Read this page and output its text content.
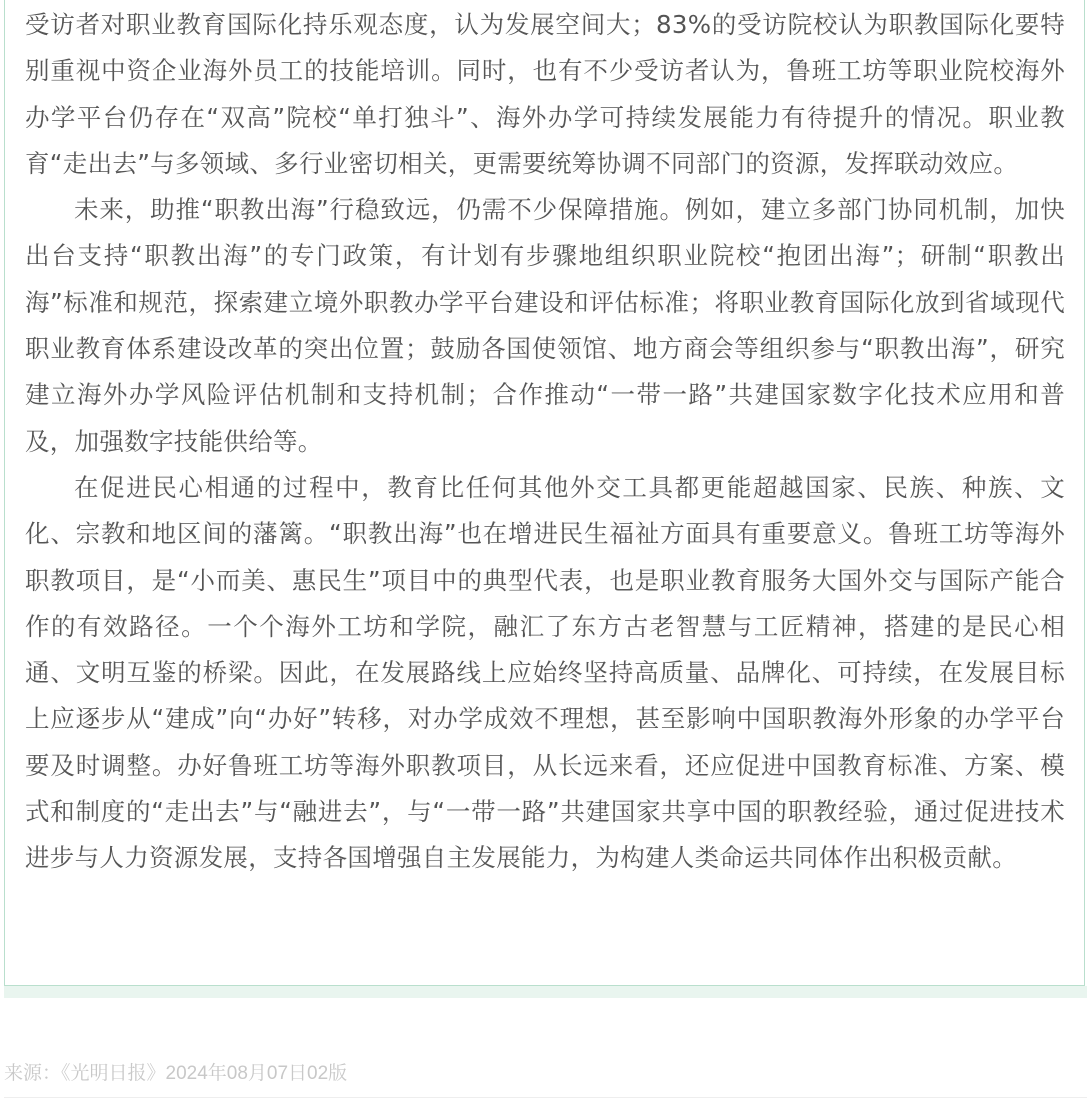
受访者对职业教育国际化持乐观态度，认为发展空间大；83%的受访院校认为职教国际化要特别重视中资企业海外员工的技能培训。同时，也有不少受访者认为，鲁班工坊等职业院校海外办学平台仍存在“双高”院校“单打独斗”、海外办学可持续发展能力有待提升的情况。职业教育“走出去”与多领域、多行业密切相关，更需要统筹协调不同部门的资源，发挥联动效应。

未来，助推“职教出海”行稳致远，仍需不少保障措施。例如，建立多部门协同机制，加快出台支持“职教出海”的专门政策，有计划有步骤地组织职业院校“抱团出海”；研制“职教出海”标准和规范，探索建立境外职教办学平台建设和评估标准；将职业教育国际化放到省域现代职业教育体系建设改革的突出位置；鼓励各国使领馆、地方商会等组织参与“职教出海”，研究建立海外办学风险评估机制和支持机制；合作推动“一带一路”共建国家数字化技术应用和普及，加强数字技能供给等。

在促进民心相通的过程中，教育比任何其他外交工具都更能超越国家、民族、种族、文化、宗教和地区间的藩篱。“职教出海”也在增进民生福祉方面具有重要意义。鲁班工坊等海外职教项目，是“小而美、惠民生”项目中的典型代表，也是职业教育服务大国外交与国际产能合作的有效路径。一个个海外工坊和学院，融汇了东方古老智慧与工匠精神，搭建的是民心相通、文明互鉴的桥梁。因此，在发展路线上应始终坚持高质量、品牌化、可持续，在发展目标上应逐步从“建成”向“办好”转移，对办学成效不理想，甚至影响中国职教海外形象的办学平台要及时调整。办好鲁班工坊等海外职教项目，从长远来看，还应促进中国教育标准、方案、模式和制度的“走出去”与“融进去”，与“一带一路”共建国家共享中国的职教经验，通过促进技术进步与人力资源发展，支持各国增强自主发展能力，为构建人类命运共同体作出积极贡献。

来源：《光明日报》2024年08月07日02版
